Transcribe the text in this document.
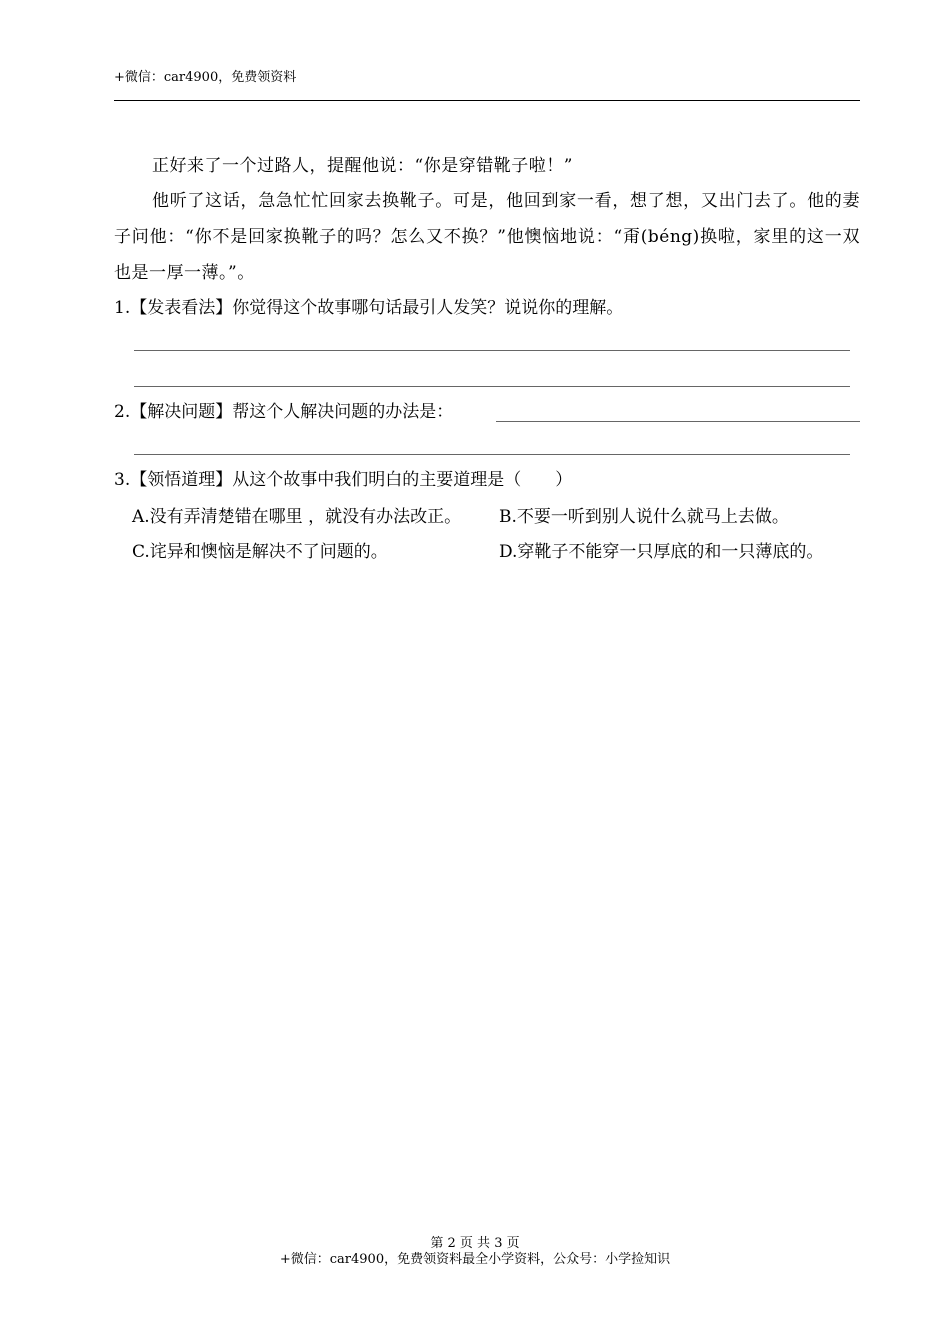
+微信：car4900，免费领资料
正好来了一个过路人，提醒他说：“你是穿错靴子啦！”
他听了这话，急急忙忙回家去换靴子。可是，他回到家一看，想了想，又出门去了。他的妻子问他：“你不是回家换靴子的吗？怎么又不换？”他懊恼地说：“甭(béng)换啦，家里的这一双也是一厚一薄。”。
1.【发表看法】你觉得这个故事哪句话最引人发笑？说说你的理解。
2.【解决问题】帮这个人解决问题的办法是：
3.【领悟道理】从这个故事中我们明白的主要道理是（　　）
A.没有弄清楚错在哪里 ，就没有办法改正。 B.不要一听到别人说什么就马上去做。
C.诧异和懊恼是解决不了问题的。	D.穿靴子不能穿一只厚底的和一只薄底的。
第 2 页 共 3 页
+微信：car4900，免费领资料最全小学资料，公众号：小学捡知识
